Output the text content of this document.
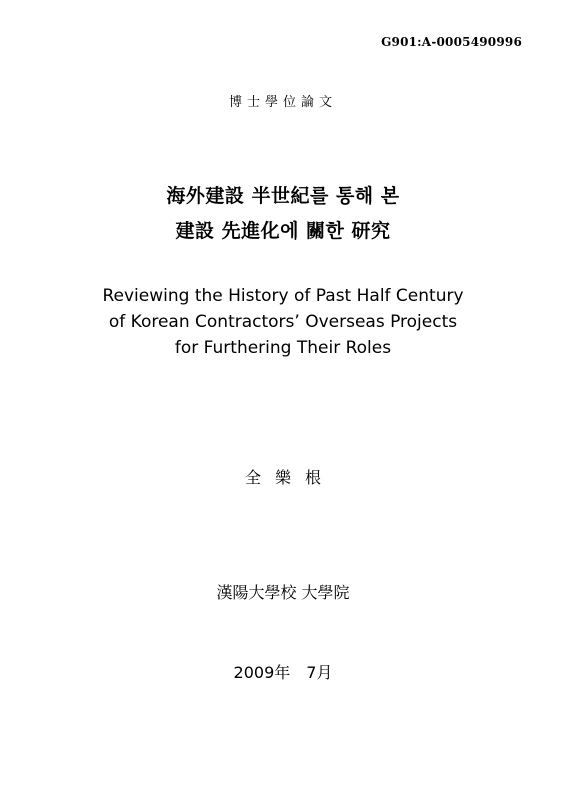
G901:A-0005490996
博士學位論文
海外建設 半世紀를 통해 본
建設 先進化에 關한 研究
Reviewing the History of Past Half Century
of Korean Contractors’ Overseas Projects
for Furthering Their Roles
全樂根
漢陽大學校 大學院
2009年　7月
